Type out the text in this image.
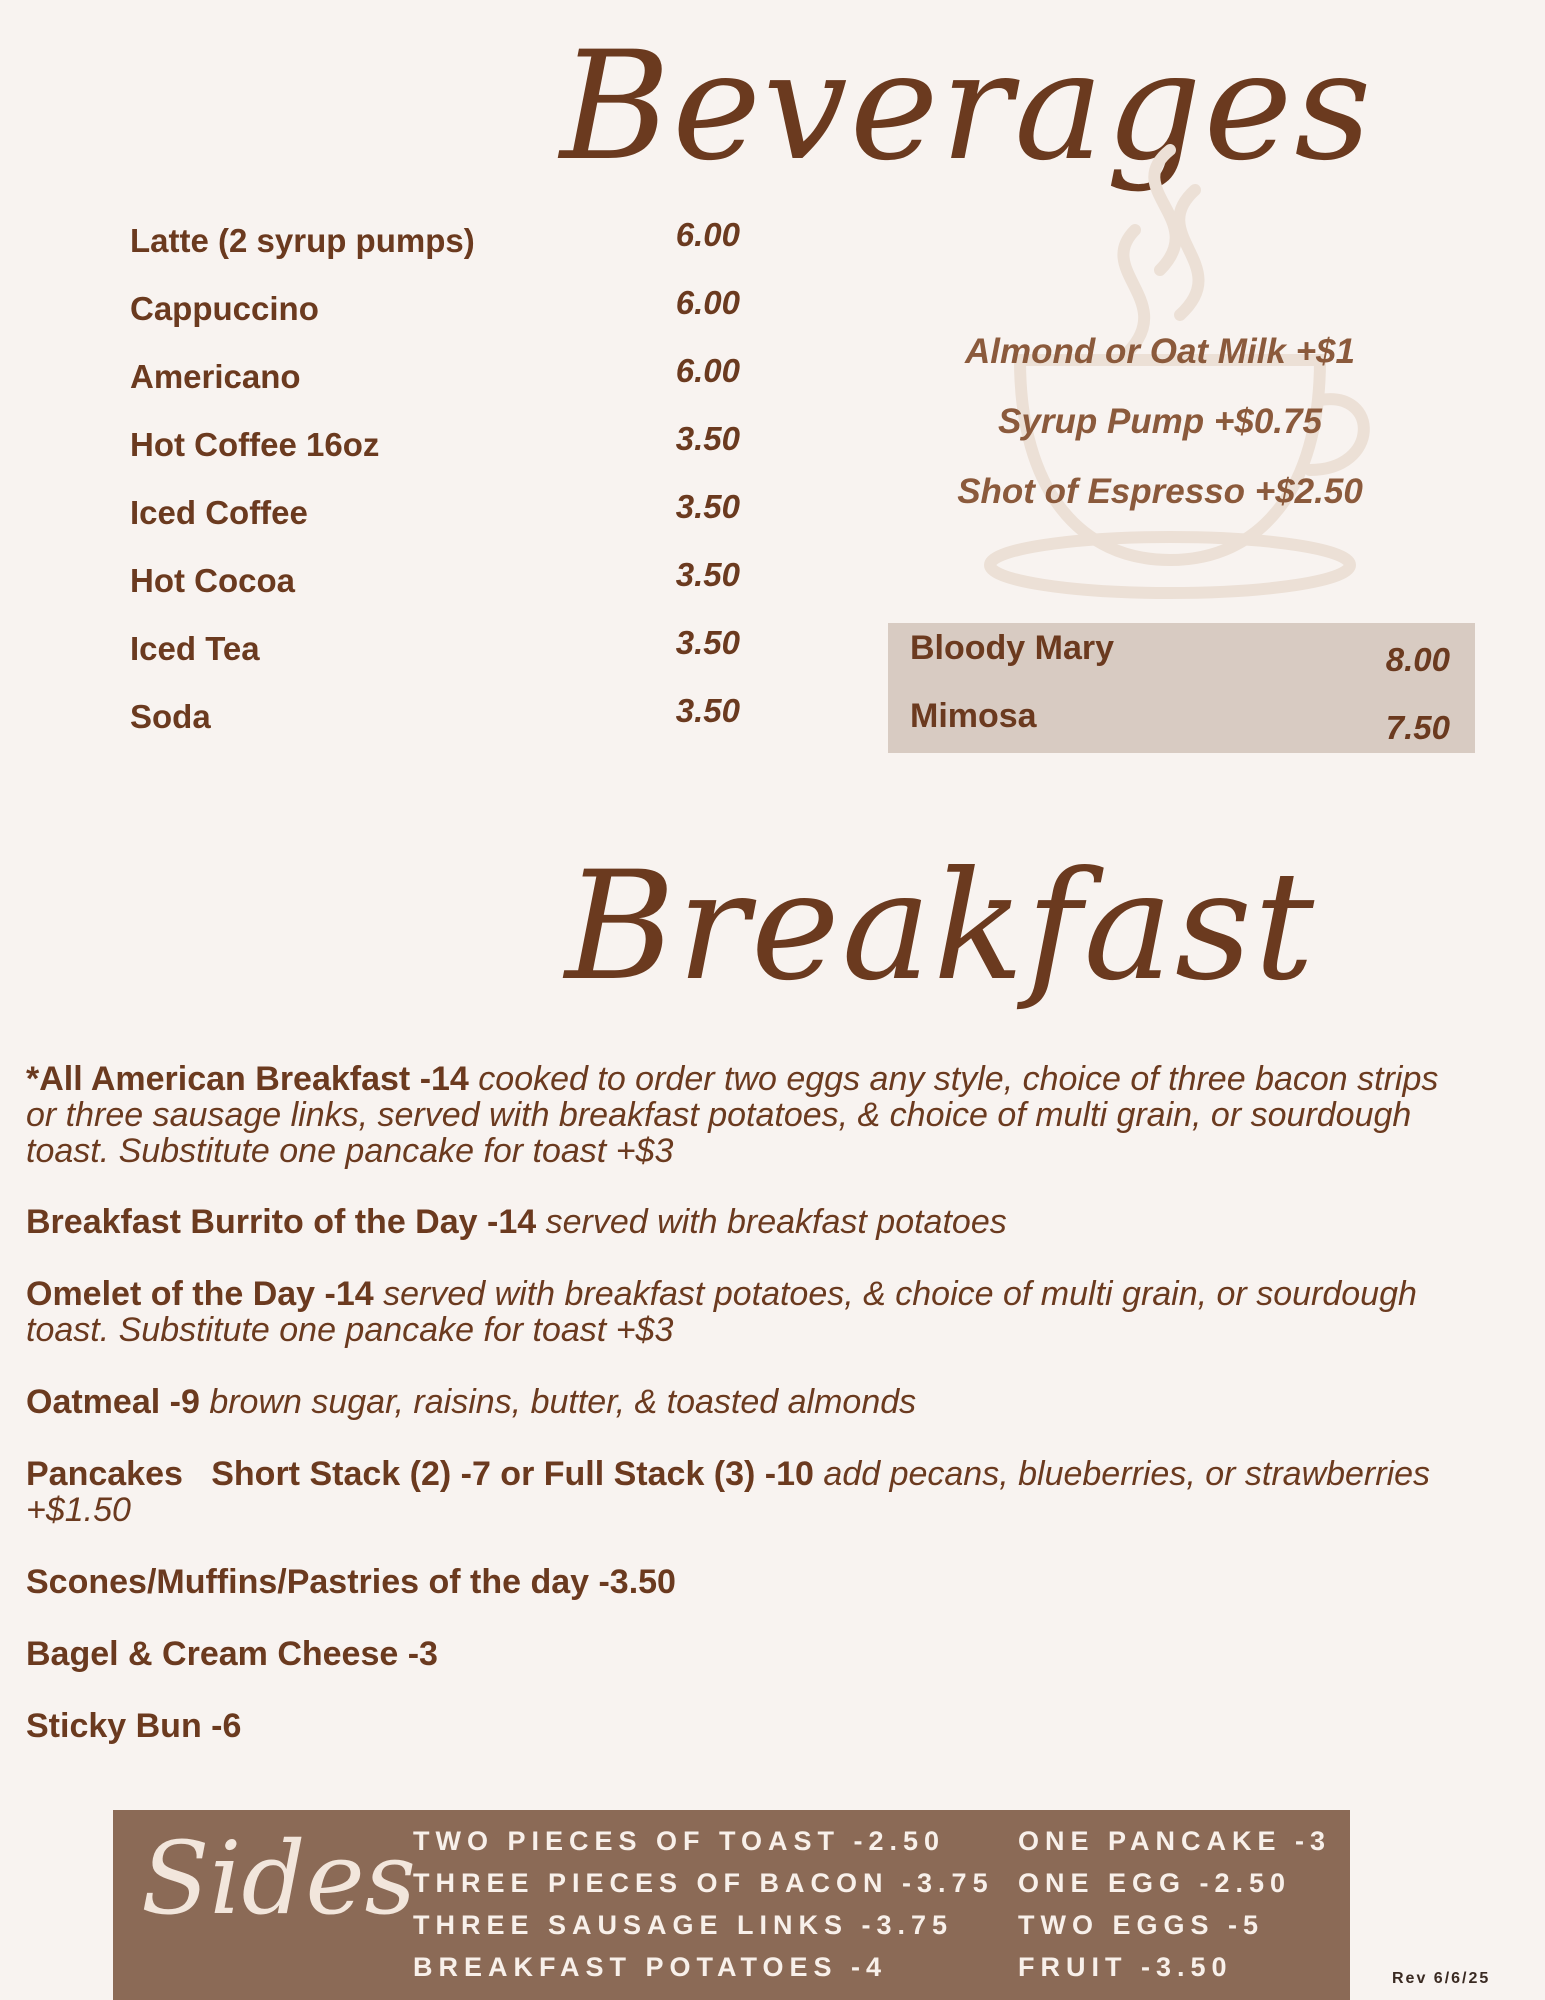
Beverages
Latte (2 syrup pumps)	6.00
Cappuccino	6.00
Americano	6.00
Hot Coffee 16oz	3.50
Iced Coffee	3.50
Hot Cocoa	3.50
Iced Tea	3.50
Soda	3.50
Almond or Oat Milk +$1
Syrup Pump +$0.75
Shot of Espresso +$2.50
Bloody Mary	8.00
Mimosa	7.50
Breakfast
*All American Breakfast -14 cooked to order two eggs any style, choice of three bacon strips or three sausage links, served with breakfast potatoes, & choice of multi grain, or sourdough toast. Substitute one pancake for toast +$3
Breakfast Burrito of the Day -14 served with breakfast potatoes
Omelet of the Day -14 served with breakfast potatoes, & choice of multi grain, or sourdough toast. Substitute one pancake for toast +$3
Oatmeal -9 brown sugar, raisins, butter, & toasted almonds
Pancakes   Short Stack (2) -7 or Full Stack (3) -10 add pecans, blueberries, or strawberries +$1.50
Scones/Muffins/Pastries of the day -3.50
Bagel & Cream Cheese -3
Sticky Bun -6
Sides
TWO PIECES OF TOAST -2.50
THREE PIECES OF BACON -3.75
THREE SAUSAGE LINKS -3.75
BREAKFAST POTATOES -4
ONE PANCAKE -3
ONE EGG -2.50
TWO EGGS -5
FRUIT -3.50	Rev 6/6/25
